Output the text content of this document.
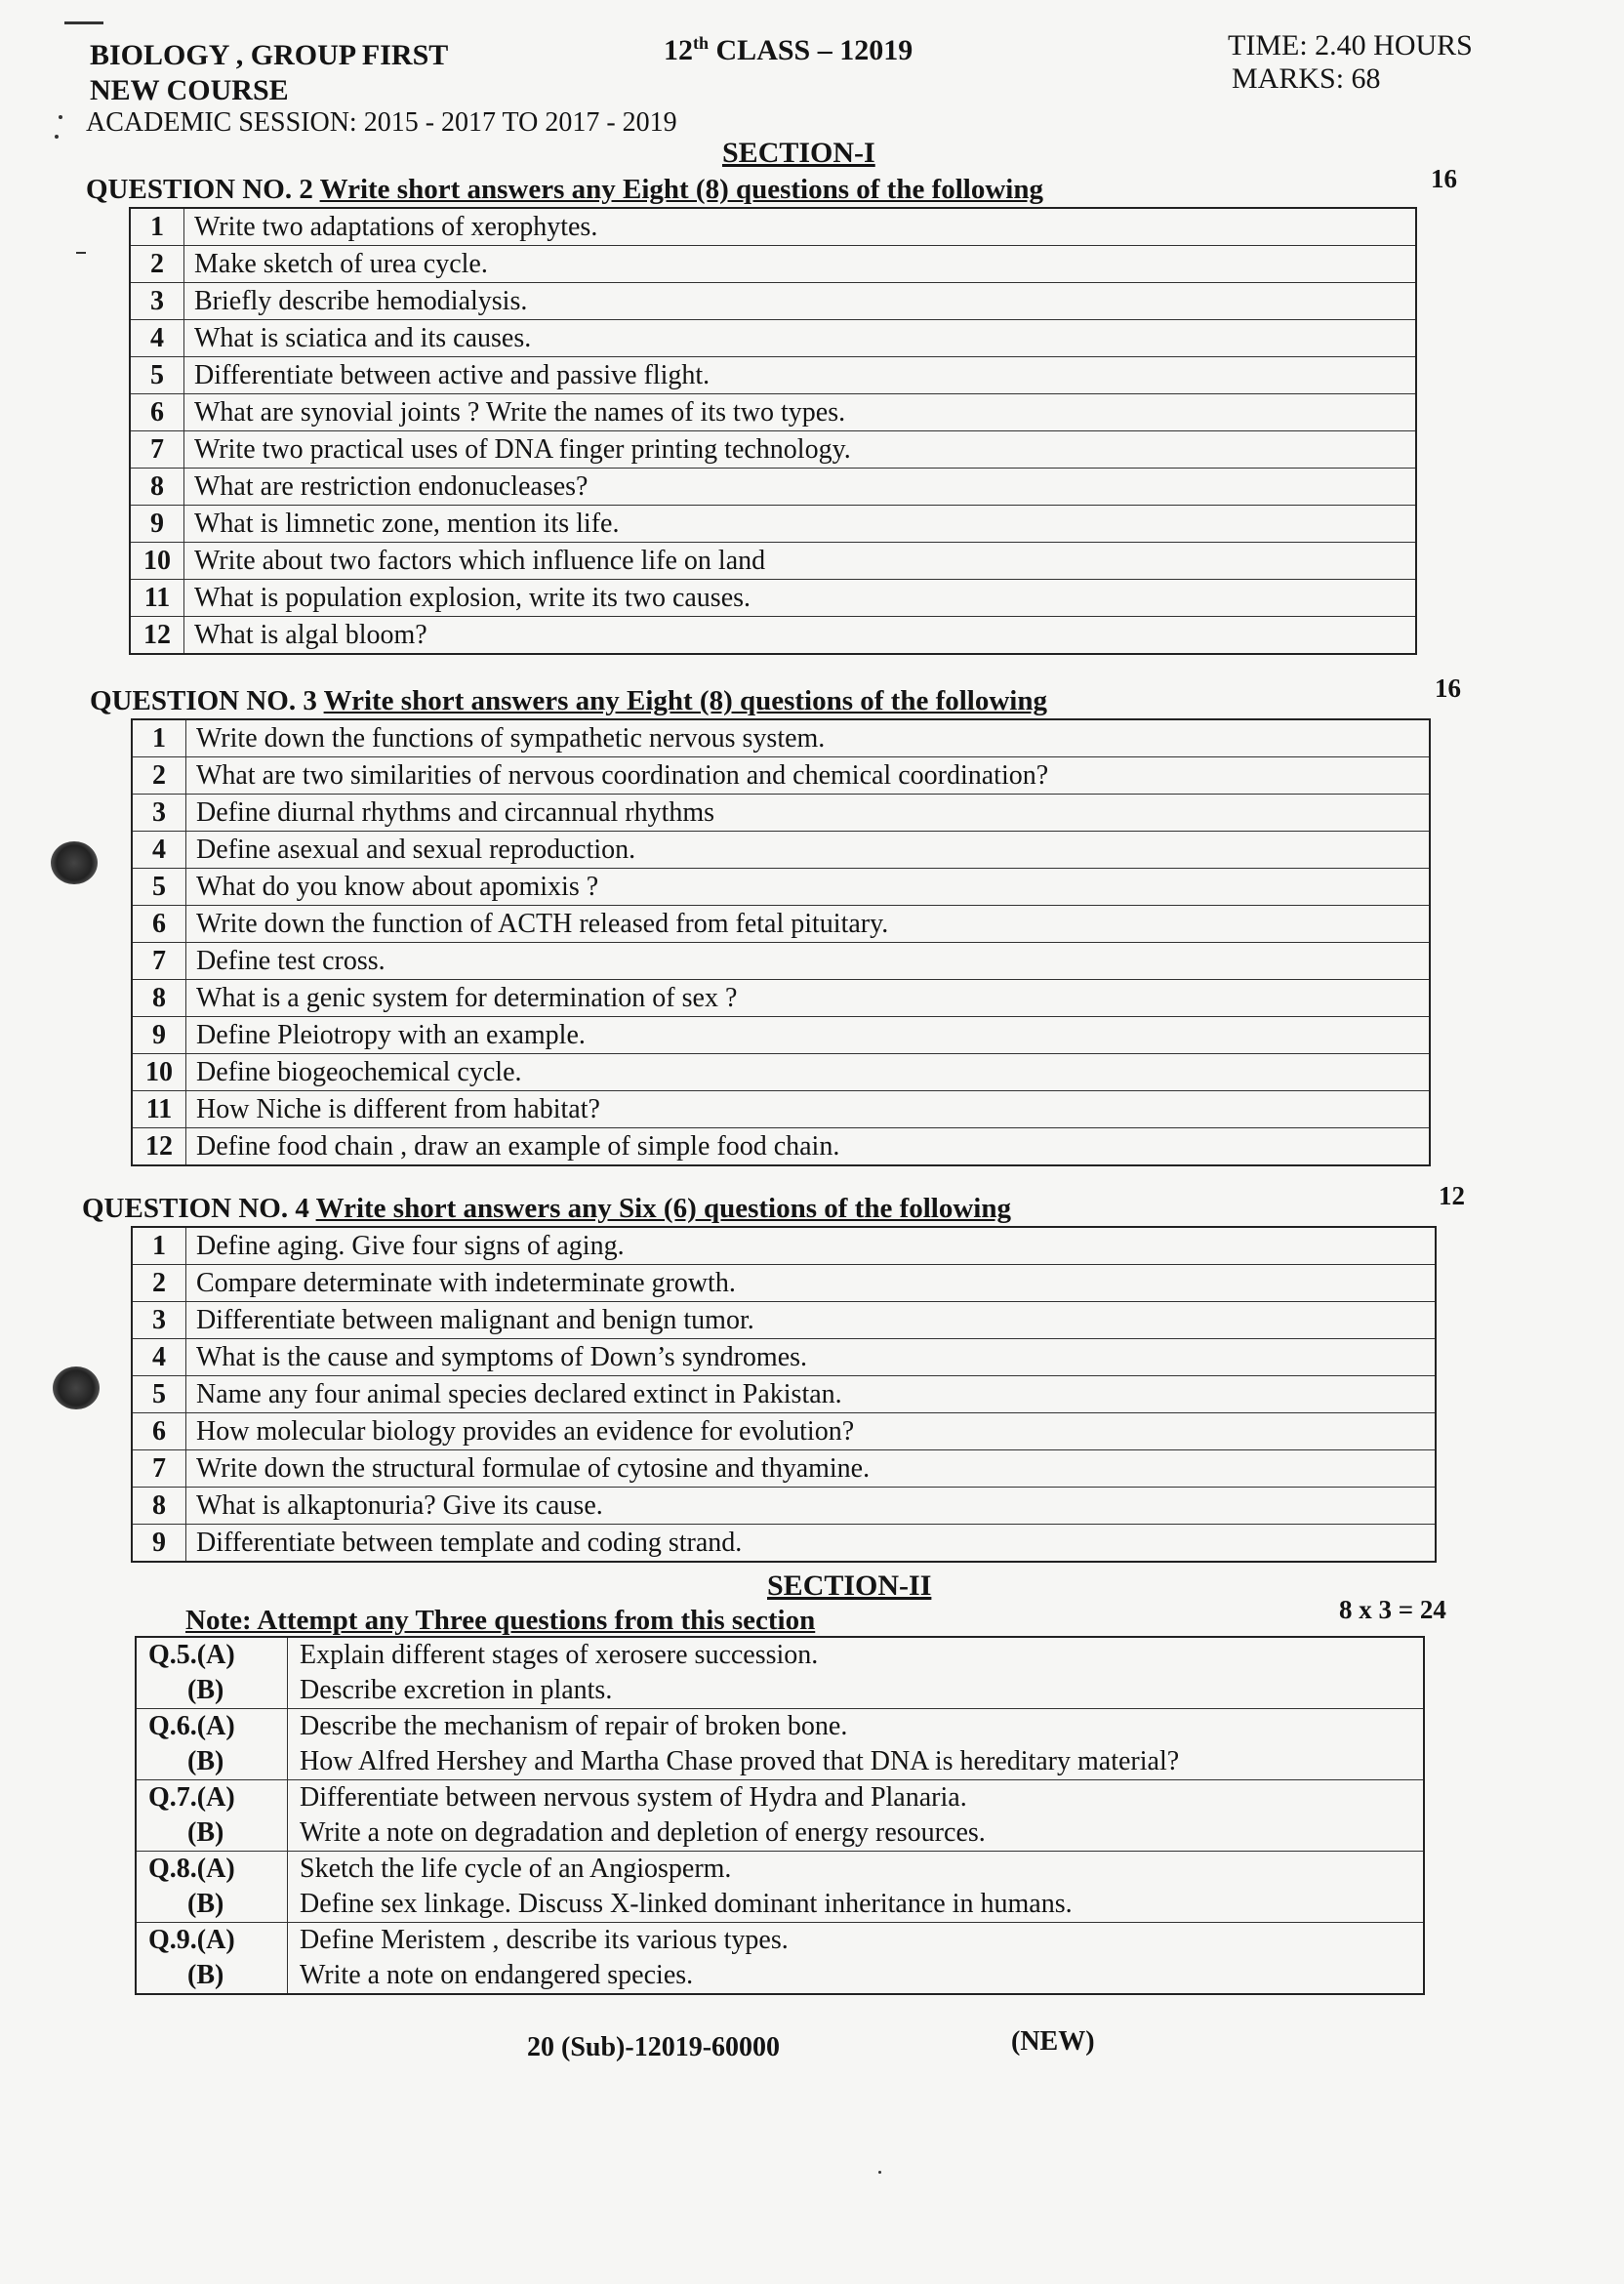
BIOLOGY , GROUP FIRST
NEW COURSE
ACADEMIC SESSION: 2015 - 2017 TO 2017 - 2019
12th CLASS – 12019	TIME: 2.40 HOURS
MARKS: 68
SECTION-I
QUESTION NO. 2 Write short answers any Eight (8) questions of the following	16
1	Write two adaptations of xerophytes.
2	Make sketch of urea cycle.
3	Briefly describe hemodialysis.
4	What is sciatica and its causes.
5	Differentiate between active and passive flight.
6	What are synovial joints ? Write the names of its two types.
7	Write two practical uses of DNA finger printing technology.
8	What are restriction endonucleases?
9	What is limnetic zone, mention its life.
10	Write about two factors which influence life on land
11	What is population explosion, write its two causes.
12	What is algal bloom?
QUESTION NO. 3 Write short answers any Eight (8) questions of the following	16
1	Write down the functions of sympathetic nervous system.
2	What are two similarities of nervous coordination and chemical coordination?
3	Define diurnal rhythms and circannual rhythms
4	Define asexual and sexual reproduction.
5	What do you know about apomixis ?
6	Write down the function of ACTH released from fetal pituitary.
7	Define test cross.
8	What is a genic system for determination of sex ?
9	Define Pleiotropy with an example.
10	Define biogeochemical cycle.
11	How Niche is different from habitat?
12	Define food chain , draw an example of simple food chain.
QUESTION NO. 4 Write short answers any Six (6) questions of the following	12
1	Define aging. Give four signs of aging.
2	Compare determinate with indeterminate growth.
3	Differentiate between malignant and benign tumor.
4	What is the cause and symptoms of Down’s syndromes.
5	Name any four animal species declared extinct in Pakistan.
6	How molecular biology provides an evidence for evolution?
7	Write down the structural formulae of cytosine and thyamine.
8	What is alkaptonuria? Give its cause.
9	Differentiate between template and coding strand.
SECTION-II
Note: Attempt any Three questions from this section	8 x 3 = 24
Q.5.(A)	Explain different stages of xerosere succession.
(B)	Describe excretion in plants.
Q.6.(A)	Describe the mechanism of repair of broken bone.
(B)	How Alfred Hershey and Martha Chase proved that DNA is hereditary material?
Q.7.(A)	Differentiate between nervous system of Hydra and Planaria.
(B)	Write a note on degradation and depletion of energy resources.
Q.8.(A)	Sketch the life cycle of an Angiosperm.
(B)	Define sex linkage. Discuss X-linked dominant inheritance in humans.
Q.9.(A)	Define Meristem , describe its various types.
(B)	Write a note on endangered species.
20 (Sub)-12019-60000	(NEW)
